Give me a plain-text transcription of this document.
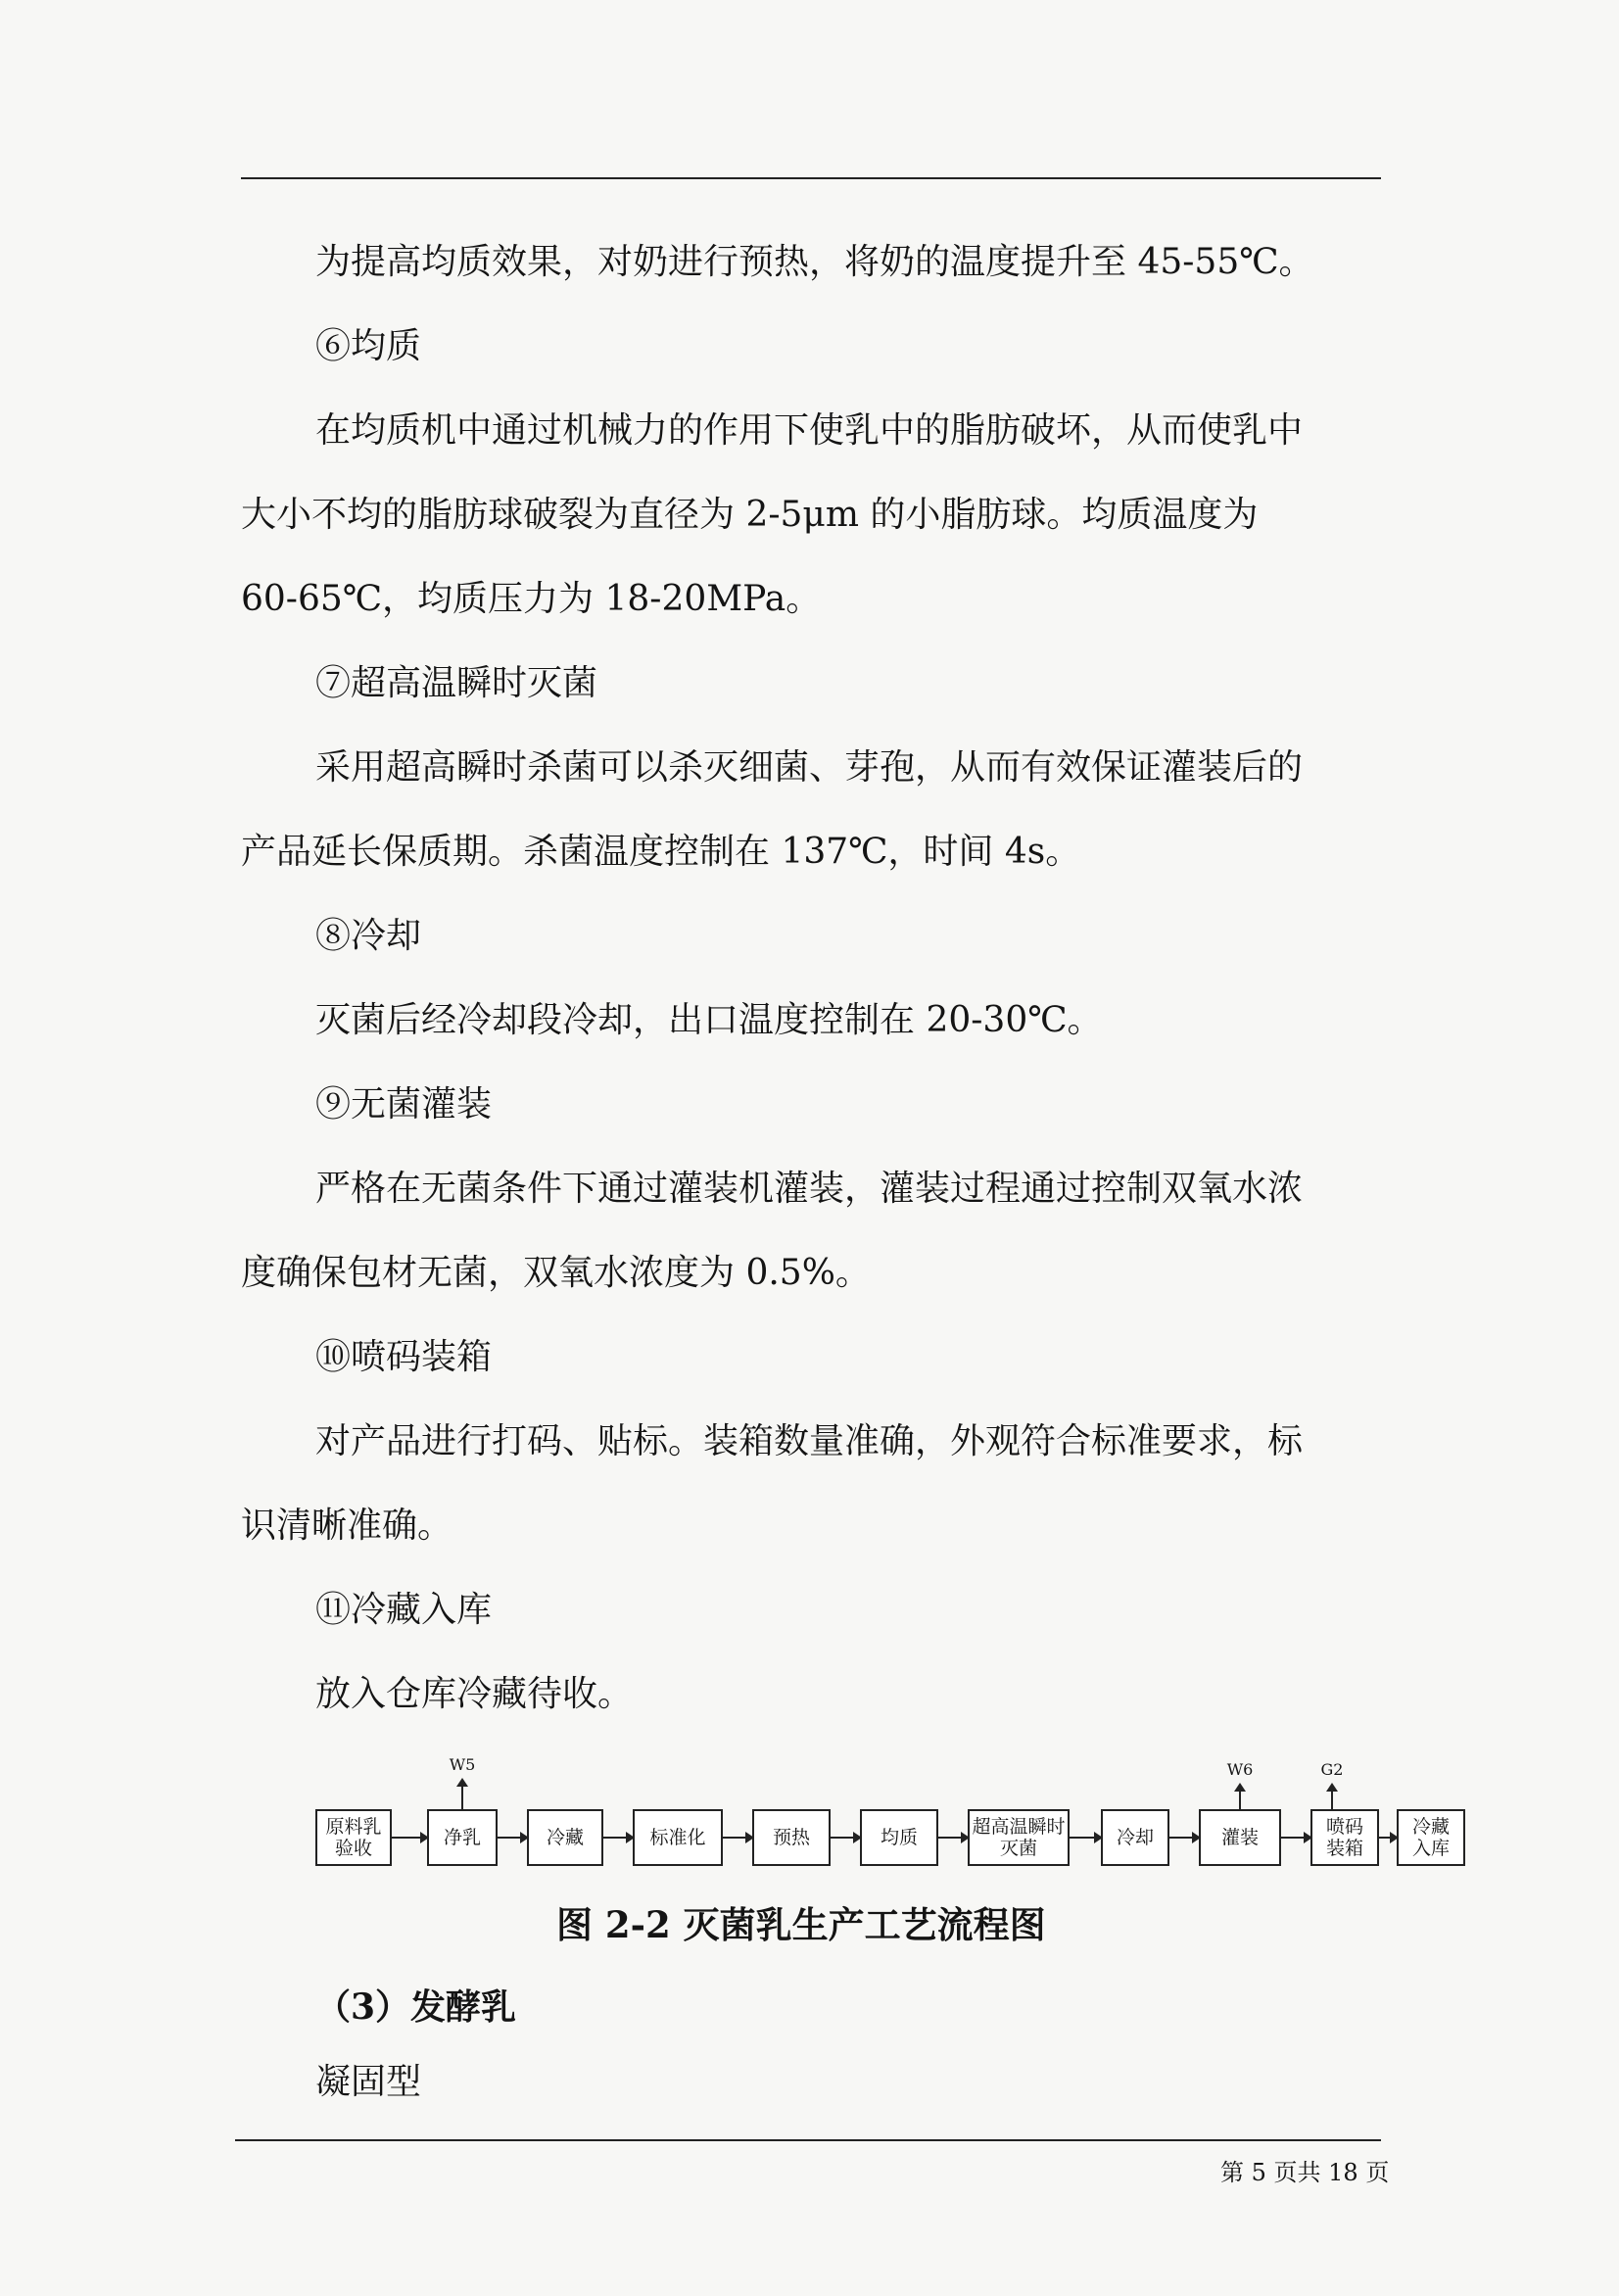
为提高均质效果，对奶进行预热，将奶的温度提升至 45-55℃。
⑥均质
在均质机中通过机械力的作用下使乳中的脂肪破坏，从而使乳中
大小不均的脂肪球破裂为直径为 2-5μm 的小脂肪球。均质温度为
60-65℃，均质压力为 18-20MPa。
⑦超高温瞬时灭菌
采用超高瞬时杀菌可以杀灭细菌、芽孢，从而有效保证灌装后的
产品延长保质期。杀菌温度控制在 137℃，时间 4s。
⑧冷却
灭菌后经冷却段冷却，出口温度控制在 20-30℃。
⑨无菌灌装
严格在无菌条件下通过灌装机灌装，灌装过程通过控制双氧水浓
度确保包材无菌，双氧水浓度为 0.5%。
⑩喷码装箱
对产品进行打码、贴标。装箱数量准确，外观符合标准要求，标
识清晰准确。
⑪冷藏入库
放入仓库冷藏待收。
原料乳
验收	净乳	冷藏	标准化	预热	均质	超高温瞬时
灭菌	冷却	灌装	喷码
装箱
冷藏
入库
W5	W6	G2
图 2-2 灭菌乳生产工艺流程图
（3）发酵乳
凝固型
第 5 页共 18 页
